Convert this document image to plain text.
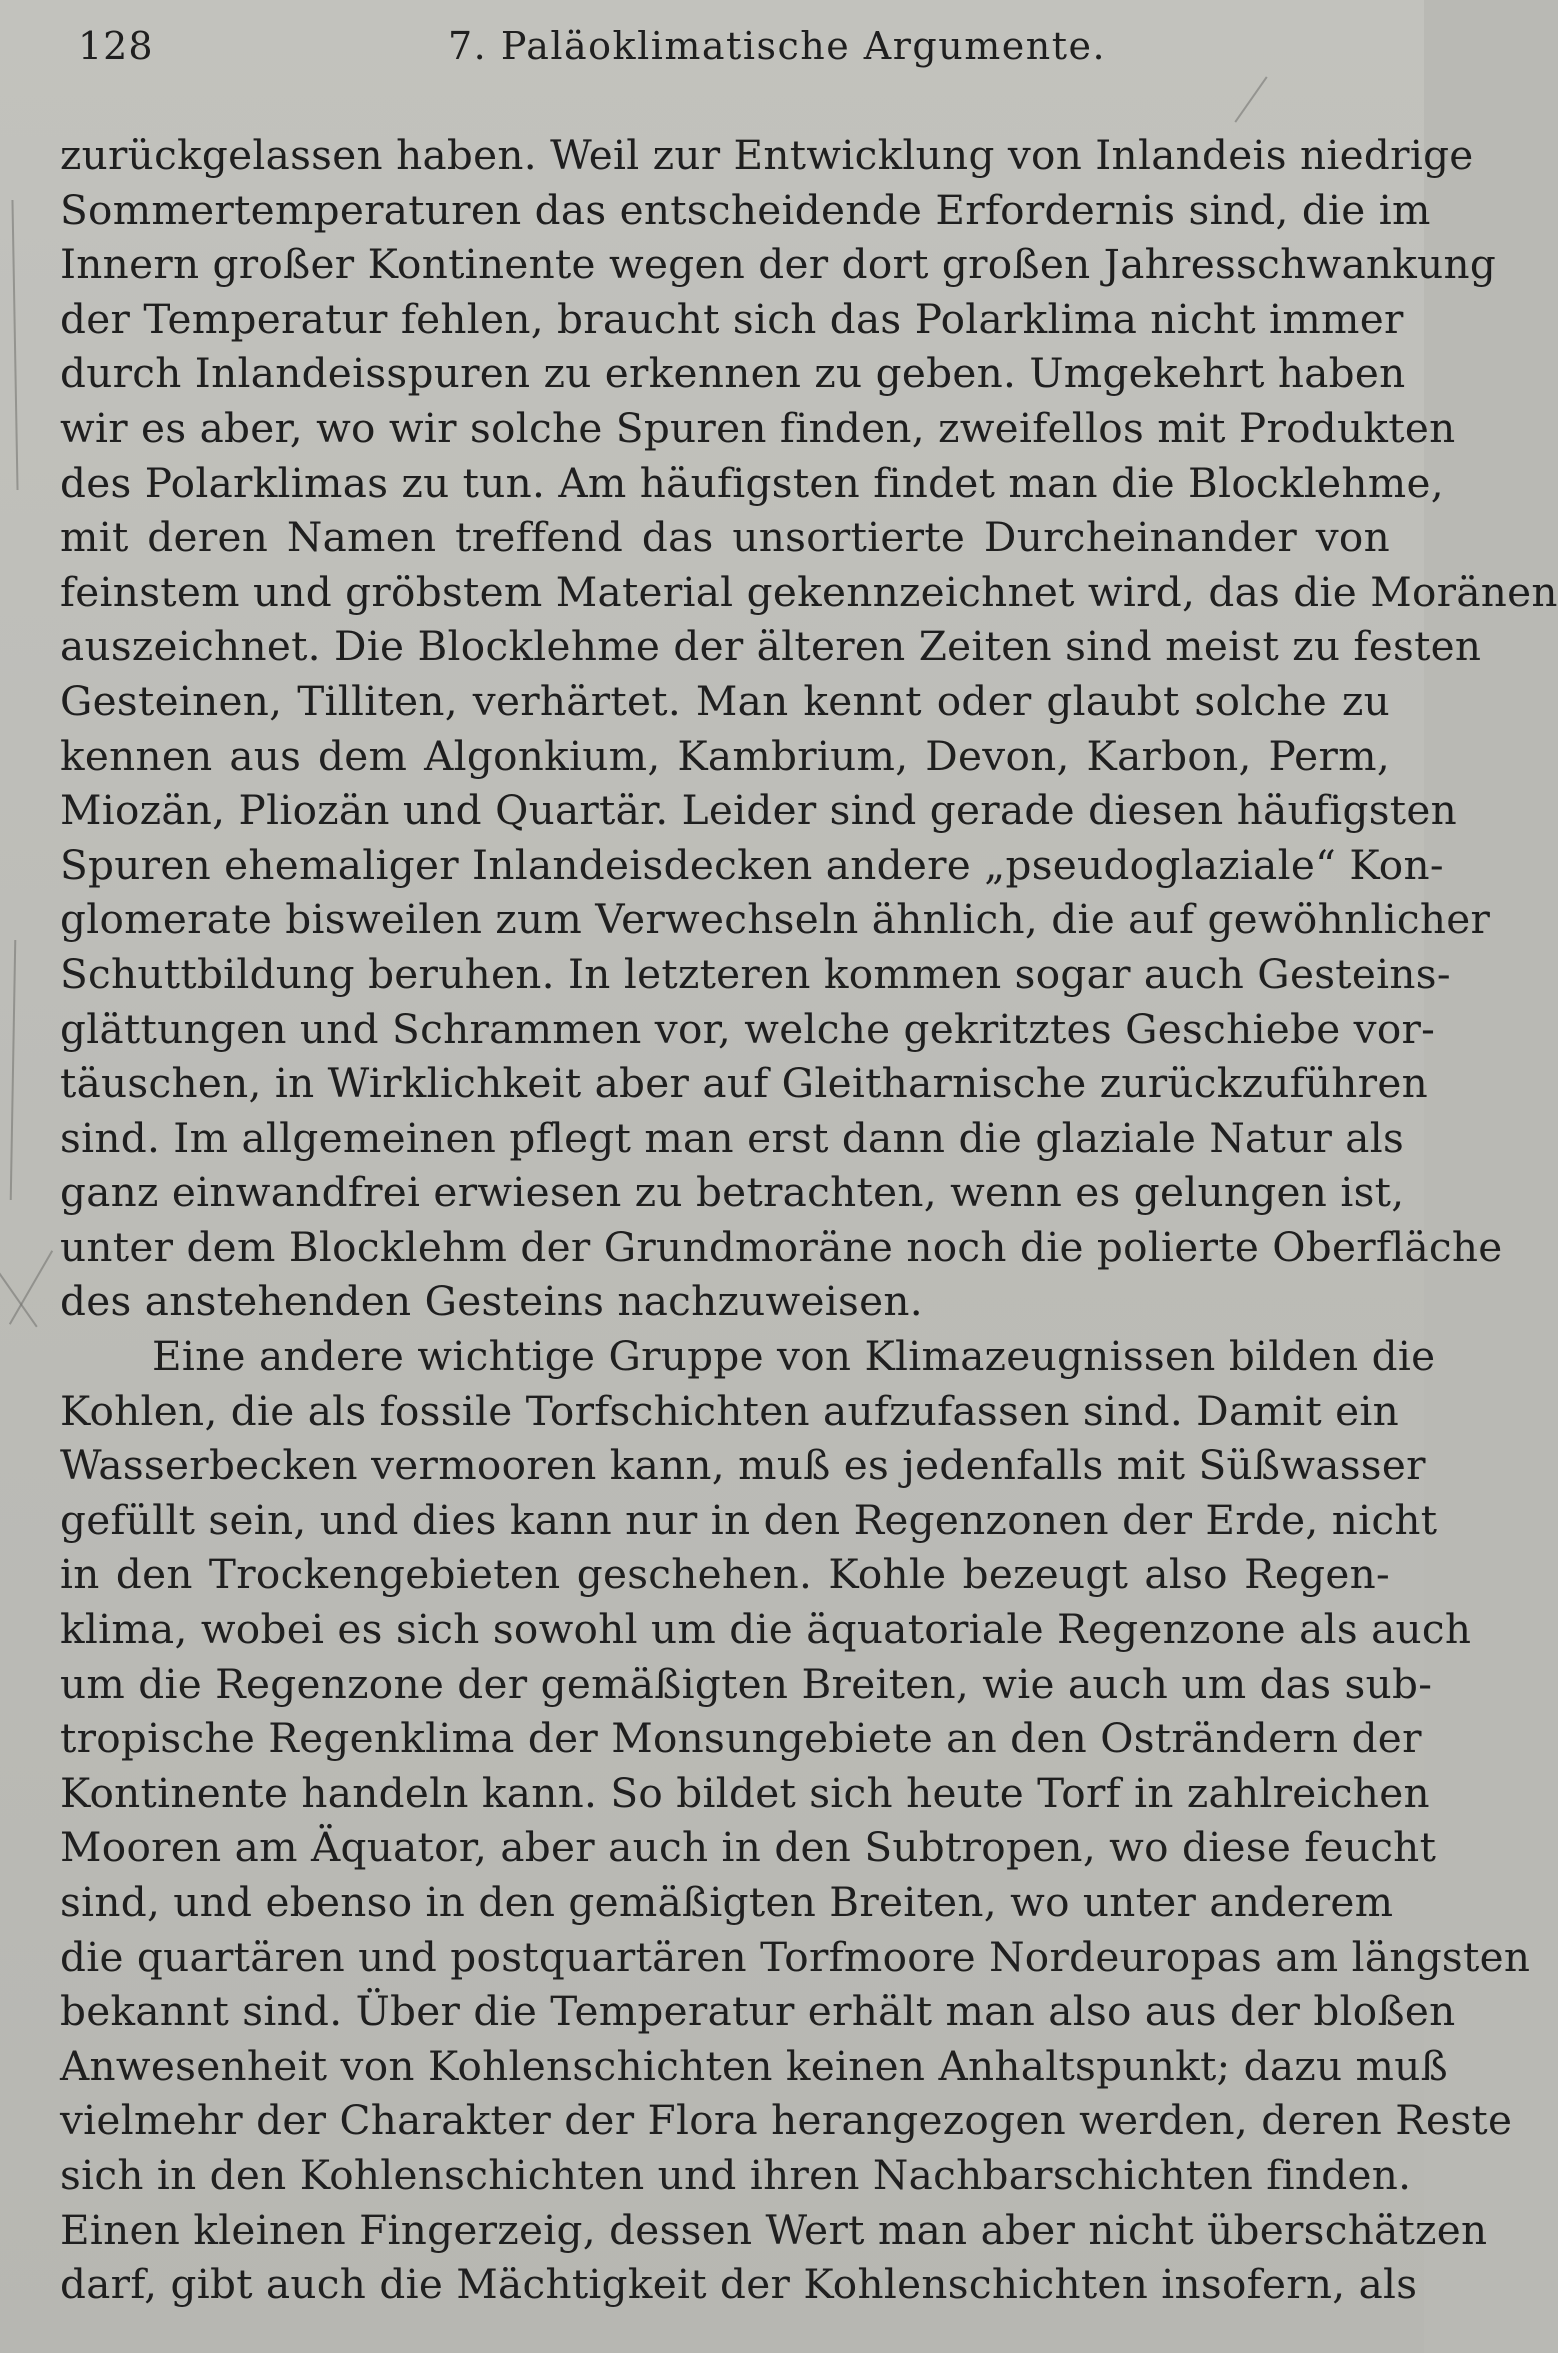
128	7. Paläoklimatische Argumente.
zurückgelassen haben. Weil zur Entwicklung von Inlandeis niedrige
Sommertemperaturen das entscheidende Erfordernis sind, die im
Innern großer Kontinente wegen der dort großen Jahresschwankung
der Temperatur fehlen, braucht sich das Polarklima nicht immer
durch Inlandeisspuren zu erkennen zu geben. Umgekehrt haben
wir es aber, wo wir solche Spuren finden, zweifellos mit Produkten
des Polarklimas zu tun. Am häufigsten findet man die Blocklehme,
mit deren Namen treffend das unsortierte Durcheinander von
feinstem und gröbstem Material gekennzeichnet wird, das die Moränen
auszeichnet. Die Blocklehme der älteren Zeiten sind meist zu festen
Gesteinen, Tilliten, verhärtet. Man kennt oder glaubt solche zu
kennen aus dem Algonkium, Kambrium, Devon, Karbon, Perm,
Miozän, Pliozän und Quartär. Leider sind gerade diesen häufigsten
Spuren ehemaliger Inlandeisdecken andere „pseudoglaziale“ Kon-
glomerate bisweilen zum Verwechseln ähnlich, die auf gewöhnlicher
Schuttbildung beruhen. In letzteren kommen sogar auch Gesteins-
glättungen und Schrammen vor, welche gekritztes Geschiebe vor-
täuschen, in Wirklichkeit aber auf Gleitharnische zurückzuführen
sind. Im allgemeinen pflegt man erst dann die glaziale Natur als
ganz einwandfrei erwiesen zu betrachten, wenn es gelungen ist,
unter dem Blocklehm der Grundmoräne noch die polierte Oberfläche
des anstehenden Gesteins nachzuweisen.
Eine andere wichtige Gruppe von Klimazeugnissen bilden die
Kohlen, die als fossile Torfschichten aufzufassen sind. Damit ein
Wasserbecken vermooren kann, muß es jedenfalls mit Süßwasser
gefüllt sein, und dies kann nur in den Regenzonen der Erde, nicht
in den Trockengebieten geschehen. Kohle bezeugt also Regen-
klima, wobei es sich sowohl um die äquatoriale Regenzone als auch
um die Regenzone der gemäßigten Breiten, wie auch um das sub-
tropische Regenklima der Monsungebiete an den Osträndern der
Kontinente handeln kann. So bildet sich heute Torf in zahlreichen
Mooren am Äquator, aber auch in den Subtropen, wo diese feucht
sind, und ebenso in den gemäßigten Breiten, wo unter anderem
die quartären und postquartären Torfmoore Nordeuropas am längsten
bekannt sind. Über die Temperatur erhält man also aus der bloßen
Anwesenheit von Kohlenschichten keinen Anhaltspunkt; dazu muß
vielmehr der Charakter der Flora herangezogen werden, deren Reste
sich in den Kohlenschichten und ihren Nachbarschichten finden.
Einen kleinen Fingerzeig, dessen Wert man aber nicht überschätzen
darf, gibt auch die Mächtigkeit der Kohlenschichten insofern, als
